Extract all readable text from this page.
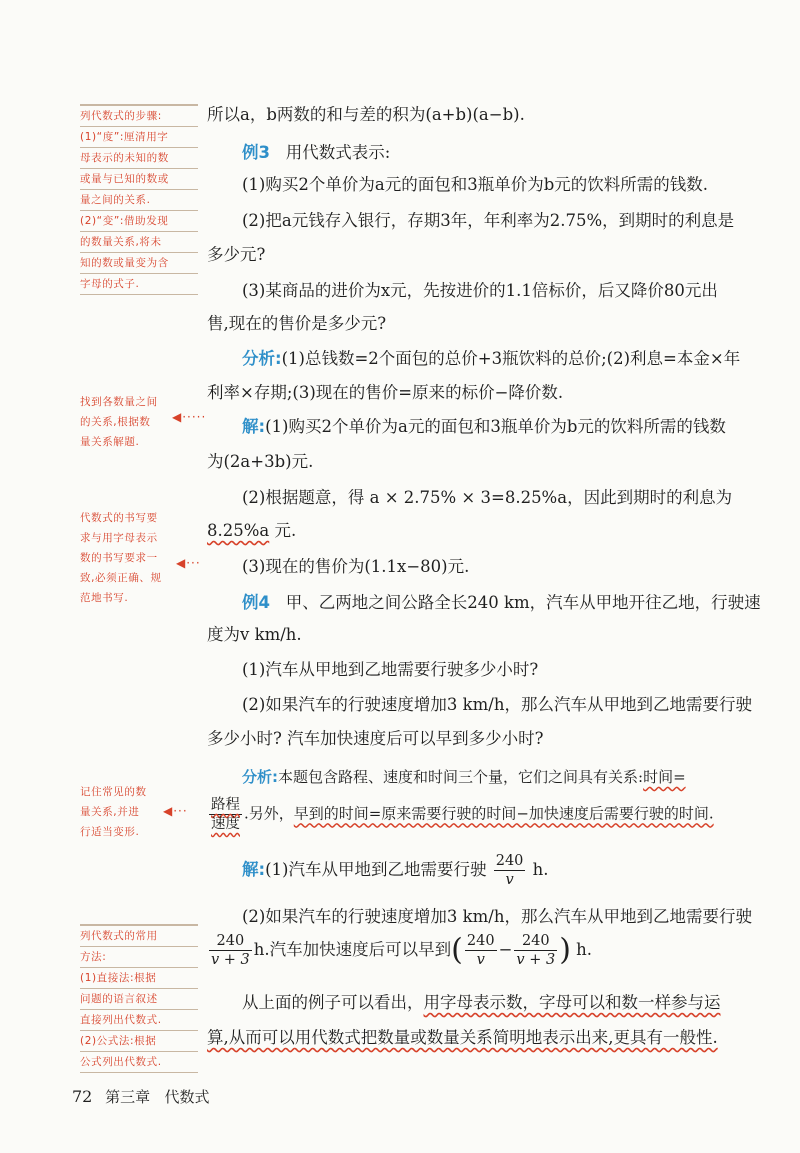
列代数式的步骤:
(1)“度”:厘清用字
母表示的未知的数
或量与已知的数或
量之间的关系.
(2)“变”:借助发现
的数量关系,将未
知的数或量变为含
字母的式子.
找到各数量之间
的关系,根据数
量关系解题.
◀·····
代数式的书写要
求与用字母表示
数的书写要求一
致,必须正确、规
范地书写.
◀···
记住常见的数
量关系,并进
行适当变形.
◀···
列代数式的常用
方法:
(1)直接法:根据
问题的语言叙述
直接列出代数式.
(2)公式法:根据
公式列出代数式.
所以a，b两数的和与差的积为(a+b)(a−b).
例3 用代数式表示:
(1)购买2个单价为a元的面包和3瓶单价为b元的饮料所需的钱数.
(2)把a元钱存入银行，存期3年，年利率为2.75%，到期时的利息是
多少元?
(3)某商品的进价为x元，先按进价的1.1倍标价，后又降价80元出
售,现在的售价是多少元?
分析:(1)总钱数=2个面包的总价+3瓶饮料的总价;(2)利息=本金×年
利率×存期;(3)现在的售价=原来的标价−降价数.
解:(1)购买2个单价为a元的面包和3瓶单价为b元的饮料所需的钱数
为(2a+3b)元.
(2)根据题意，得 a × 2.75% × 3=8.25%a，因此到期时的利息为
8.25%a 元.
(3)现在的售价为(1.1x−80)元.
例4 甲、乙两地之间公路全长240 km，汽车从甲地开往乙地，行驶速
度为v km/h.
(1)汽车从甲地到乙地需要行驶多少小时?
(2)如果汽车的行驶速度增加3 km/h，那么汽车从甲地到乙地需要行驶
多少小时? 汽车加快速度后可以早到多少小时?
分析:本题包含路程、速度和时间三个量，它们之间具有关系:时间=
$\frac{\text{路程}}{\text{速度}}$ .另外，早到的时间=原来需要行驶的时间−加快速度后需要行驶的时间.
解:(1)汽车从甲地到乙地需要行驶 $\frac{240}{v} h$.
(2)如果汽车的行驶速度增加3 km/h，那么汽车从甲地到乙地需要行驶
$\frac{240}{v + 3} h$.汽车加快速度后可以早到( $\frac{240}{v} - \frac{240}{v + 3}$ ) h.
从上面的例子可以看出，用字母表示数，字母可以和数一样参与运
算,从而可以用代数式把数量或数量关系简明地表示出来,更具有一般性.
72 第三章 代数式
